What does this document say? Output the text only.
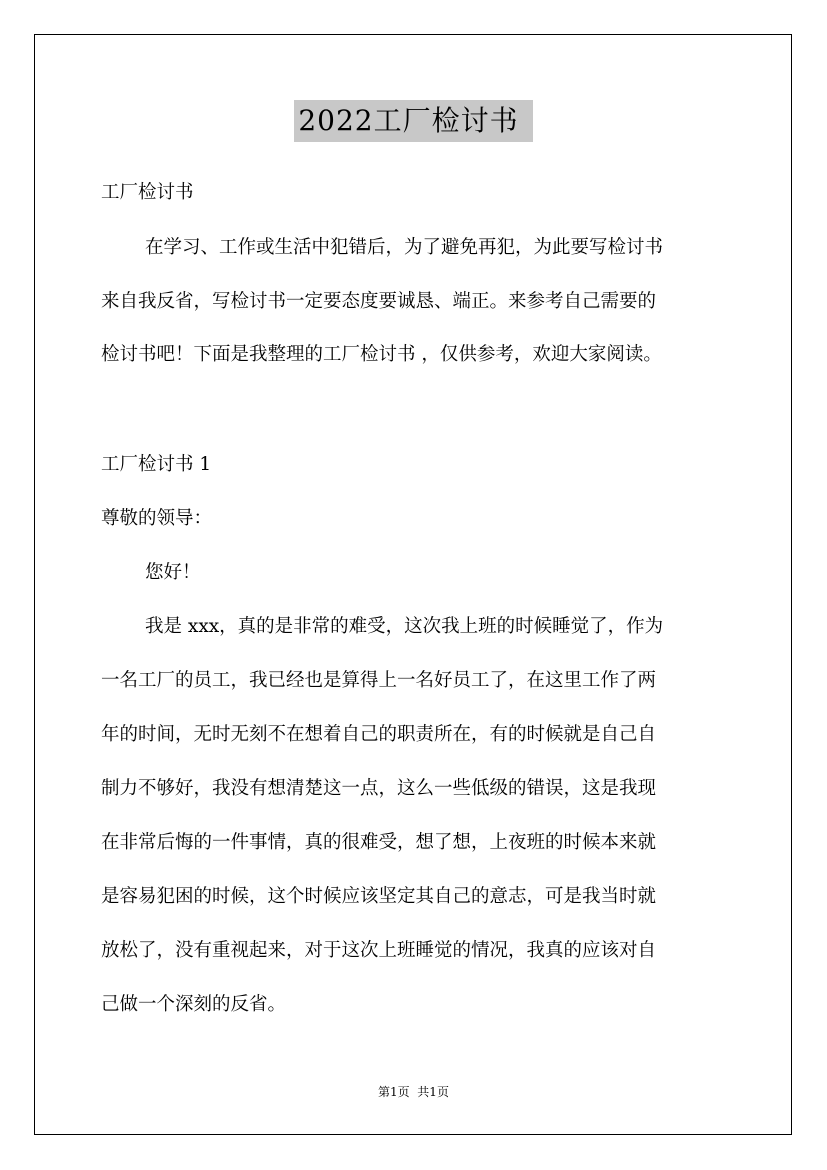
2022工厂检讨书
工厂检讨书
在学习、工作或生活中犯错后，为了避免再犯，为此要写检讨书
来自我反省，写检讨书一定要态度要诚恳、端正。来参考自己需要的
检讨书吧！下面是我整理的工厂检讨书 ，仅供参考，欢迎大家阅读。
工厂检讨书 1
尊敬的领导：
您好！
我是 xxx，真的是非常的难受，这次我上班的时候睡觉了，作为
一名工厂的员工，我已经也是算得上一名好员工了，在这里工作了两
年的时间，无时无刻不在想着自己的职责所在，有的时候就是自己自
制力不够好，我没有想清楚这一点，这么一些低级的错误，这是我现
在非常后悔的一件事情，真的很难受，想了想，上夜班的时候本来就
是容易犯困的时候，这个时候应该坚定其自己的意志，可是我当时就
放松了，没有重视起来，对于这次上班睡觉的情况，我真的应该对自
己做一个深刻的反省。
第1页  共1页
